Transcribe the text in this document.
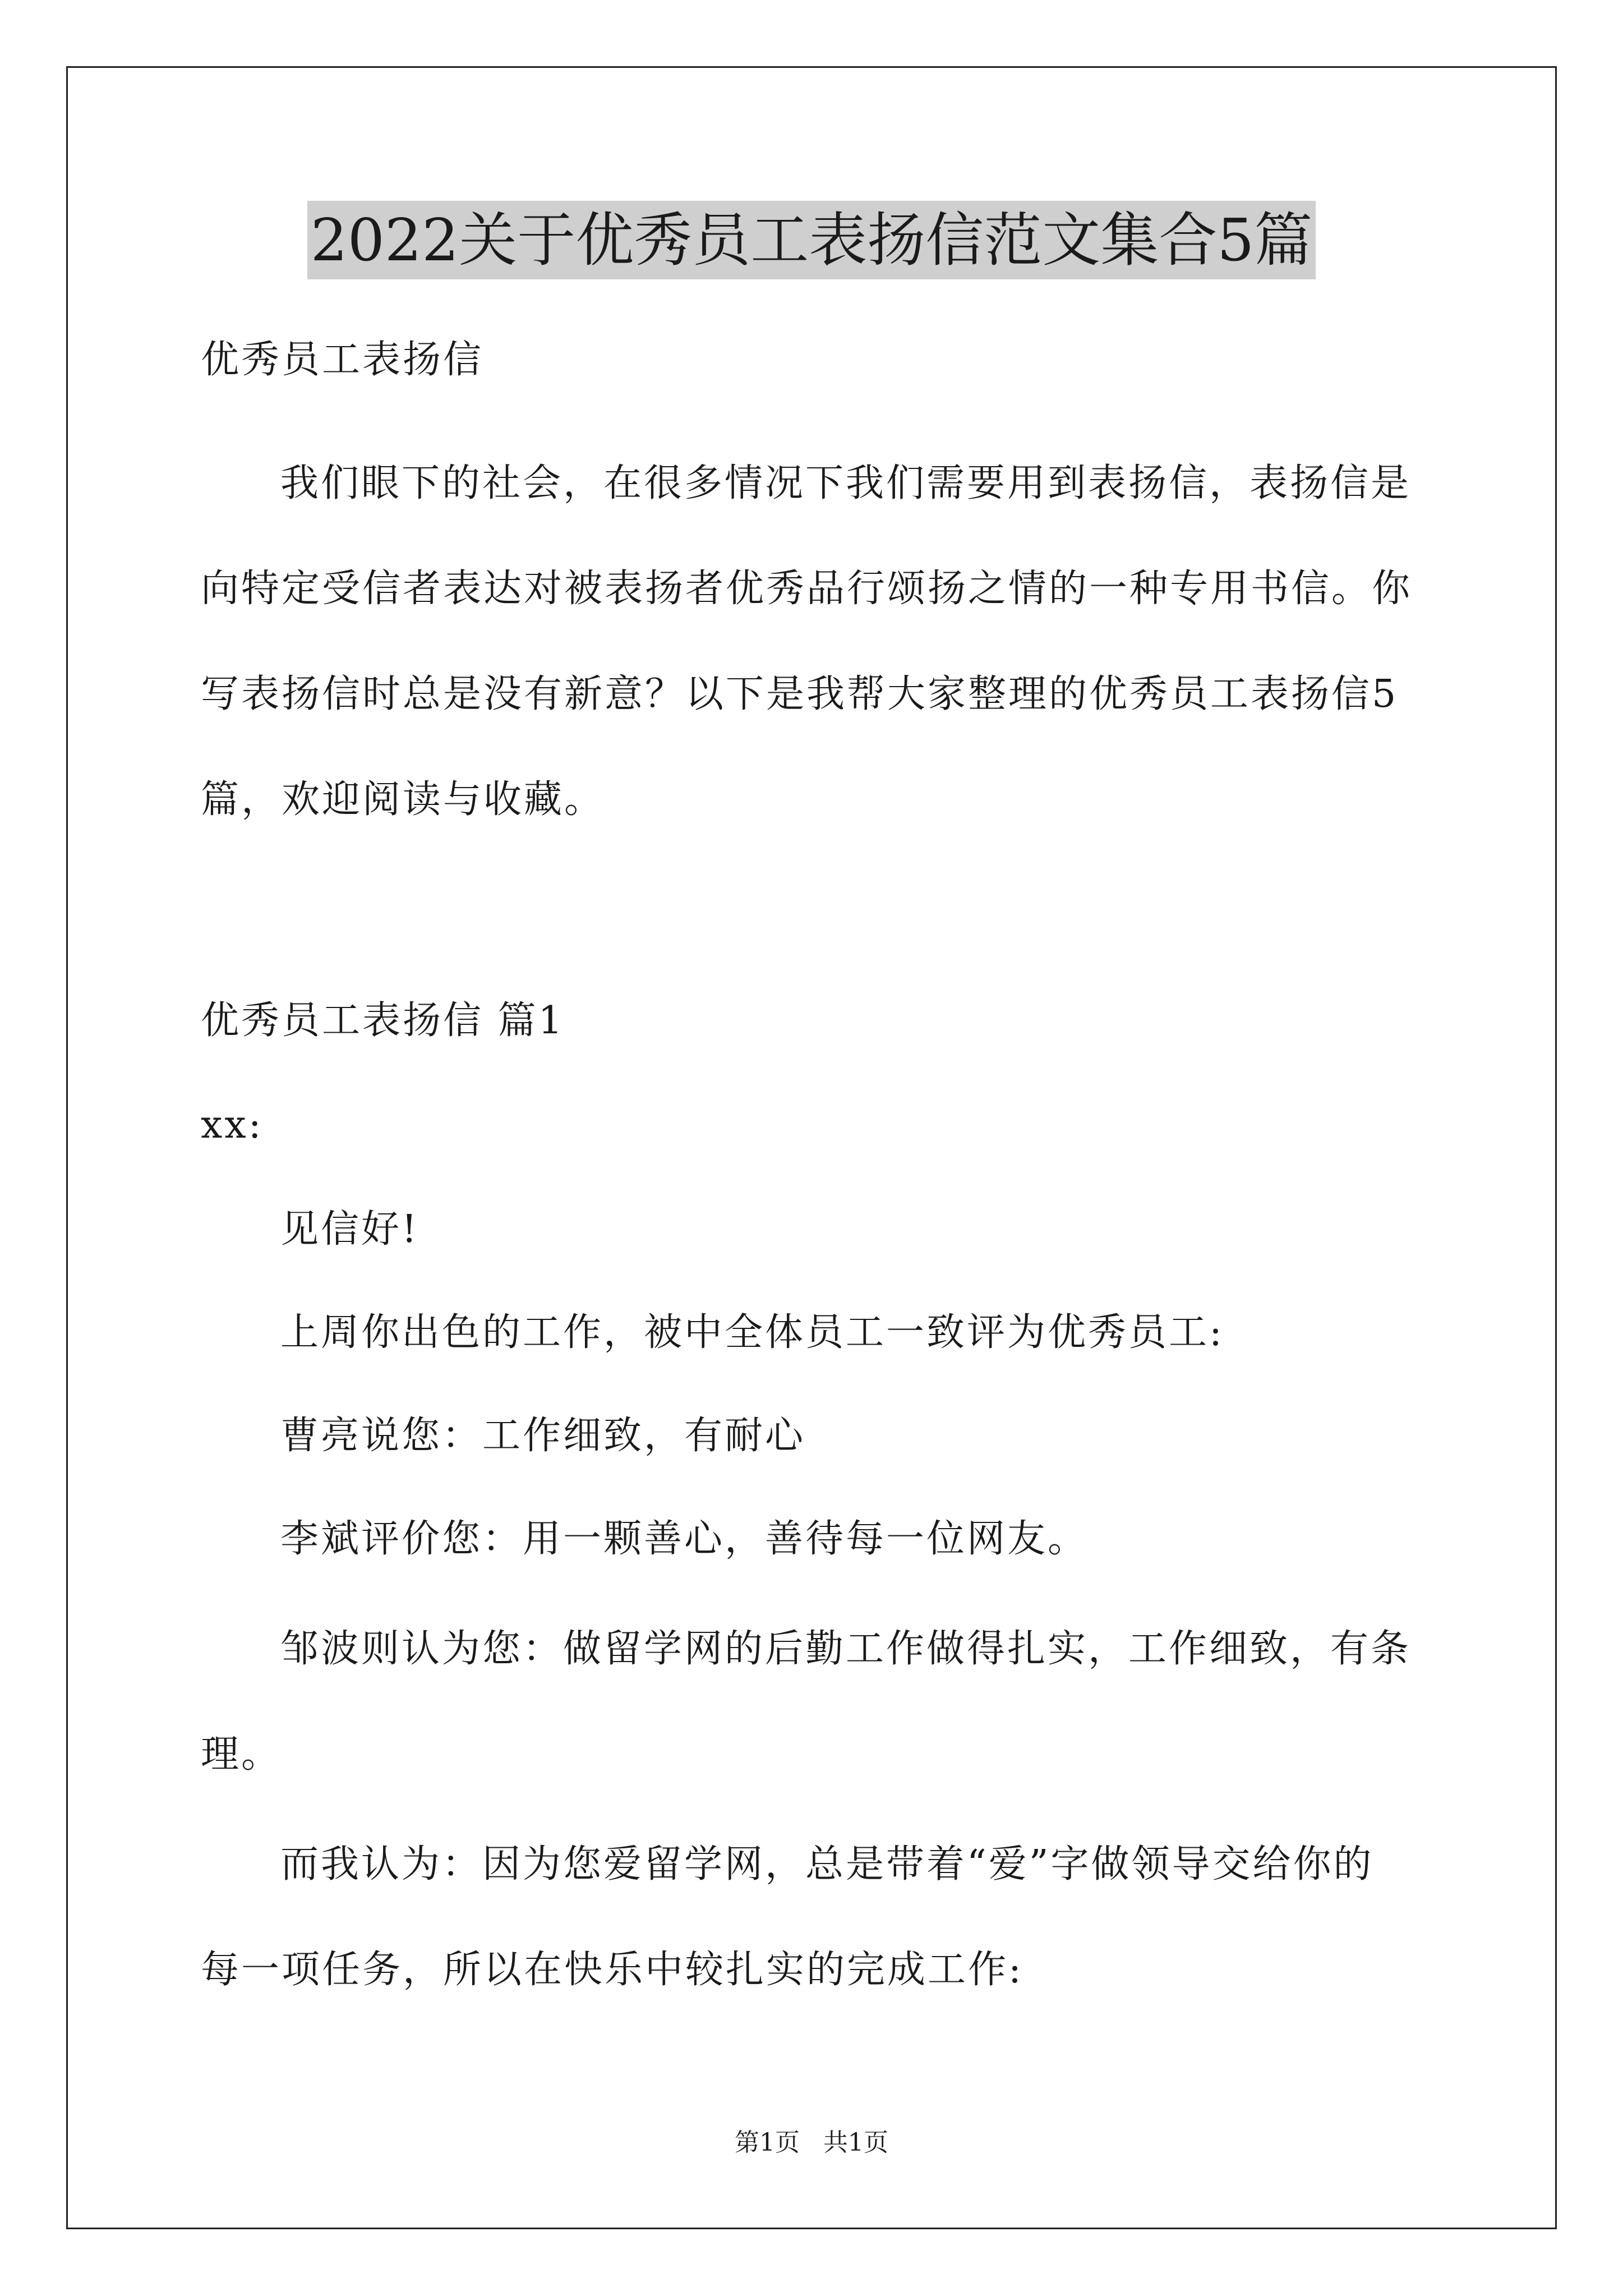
2022关于优秀员工表扬信范文集合5篇
优秀员工表扬信
我们眼下的社会，在很多情况下我们需要用到表扬信，表扬信是
向特定受信者表达对被表扬者优秀品行颂扬之情的一种专用书信。你
写表扬信时总是没有新意？以下是我帮大家整理的优秀员工表扬信5
篇，欢迎阅读与收藏。
优秀员工表扬信 篇1
xx:
见信好!
上周你出色的工作，被中全体员工一致评为优秀员工:
曹亮说您：工作细致，有耐心
李斌评价您：用一颗善心，善待每一位网友。
邹波则认为您：做留学网的后勤工作做得扎实，工作细致，有条
理。
而我认为：因为您爱留学网，总是带着“爱”字做领导交给你的
每一项任务，所以在快乐中较扎实的完成工作:
第1页   共1页
